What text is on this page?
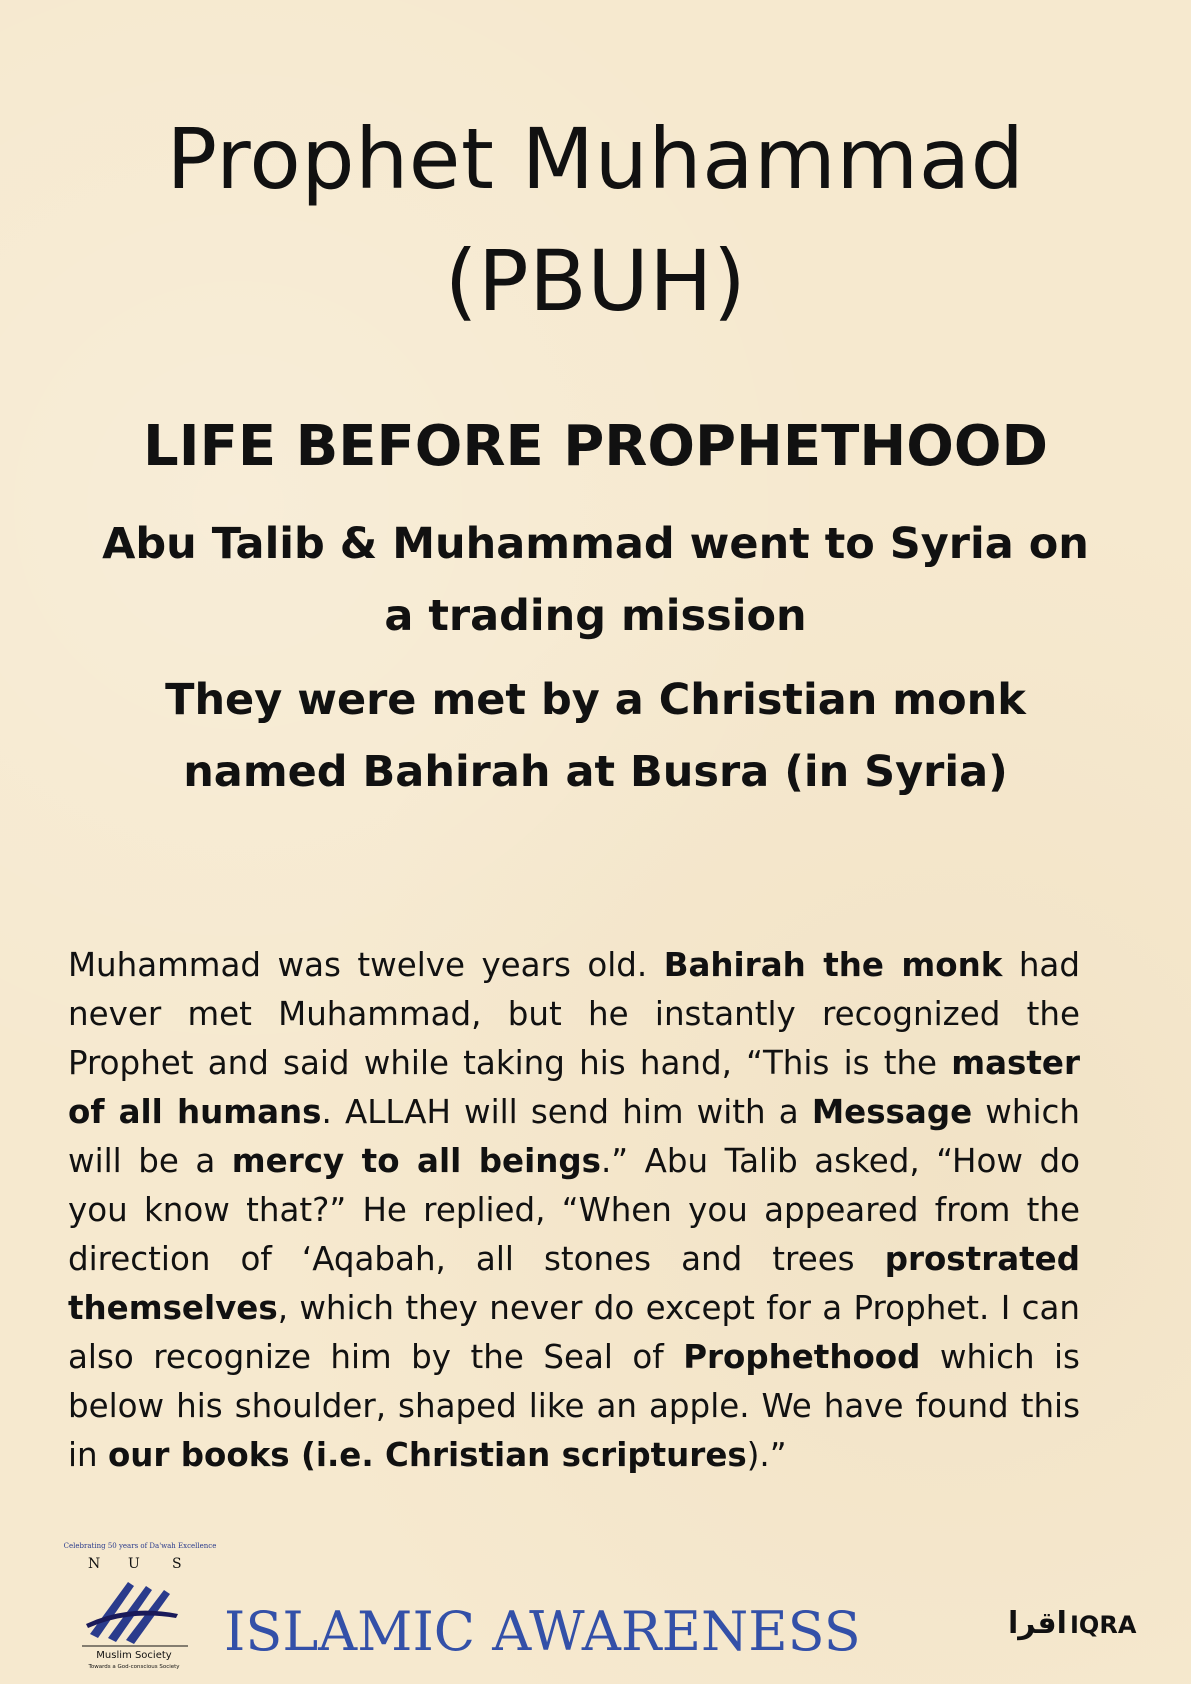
Prophet Muhammad
(PBUH)
LIFE BEFORE PROPHETHOOD
Abu Talib & Muhammad went to Syria on
a trading mission
They were met by a Christian monk
named Bahirah at Busra (in Syria)

Muhammad was twelve years old. Bahirah the monk had never met Muhammad, but he instantly recognized the Prophet and said while taking his hand, “This is the master of all humans. ALLAH will send him with a Message which will be a mercy to all beings.” Abu Talib asked, “How do you know that?” He replied, “When you appeared from the direction of ‘Aqabah, all stones and trees prostrated themselves, which they never do except for a Prophet. I can also recognize him by the Seal of Prophethood which is below his shoulder, shaped like an apple. We have found this in our books (i.e. Christian scriptures).”

Celebrating 50 years of Da'wah Excellence
N U S
Muslim Society
Towards a God-conscious Society
ISLAMIC AWARENESS	اقرا IQRA
